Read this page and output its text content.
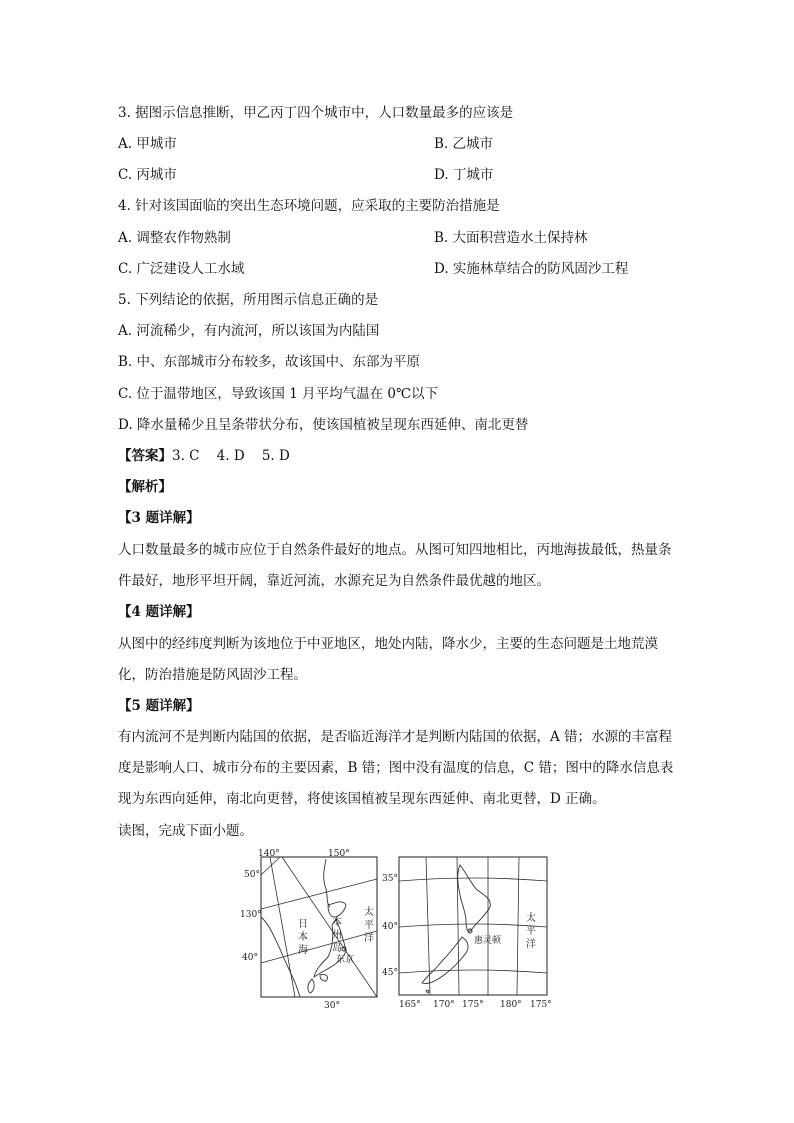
3. 据图示信息推断，甲乙丙丁四个城市中，人口数量最多的应该是
A. 甲城市	B. 乙城市
C. 丙城市	D. 丁城市
4. 针对该国面临的突出生态环境问题，应采取的主要防治措施是
A. 调整农作物熟制	B. 大面积营造水土保持林
C. 广泛建设人工水域	D. 实施林草结合的防风固沙工程
5. 下列结论的依据，所用图示信息正确的是
A. 河流稀少，有内流河，所以该国为内陆国
B. 中、东部城市分布较多，故该国中、东部为平原
C. 位于温带地区，导致该国 1 月平均气温在 0℃以下
D. 降水量稀少且呈条带状分布，使该国植被呈现东西延伸、南北更替
【答案】3. C    4. D    5. D
【解析】
【3 题详解】
人口数量最多的城市应位于自然条件最好的地点。从图可知四地相比，丙地海拔最低，热量条件最好，地形平坦开阔，靠近河流，水源充足为自然条件最优越的地区。
【4 题详解】
从图中的经纬度判断为该地位于中亚地区，地处内陆，降水少，主要的生态问题是土地荒漠化，防治措施是防风固沙工程。
【5 题详解】
有内流河不是判断内陆国的依据，是否临近海洋才是判断内陆国的依据，A 错；水源的丰富程度是影响人口、城市分布的主要因素，B 错；图中没有温度的信息，C 错；图中的降水信息表现为东西向延伸，南北向更替，将使该国植被呈现东西延伸、南北更替，D 正确。
读图，完成下面小题。
140°	150°
50°
130°
40°
30°
日
本
海
太
平
洋
本
州
岛
东京
35°
40°
45°
165° 170° 175° 180° 175°
太
平
洋
惠灵顿
